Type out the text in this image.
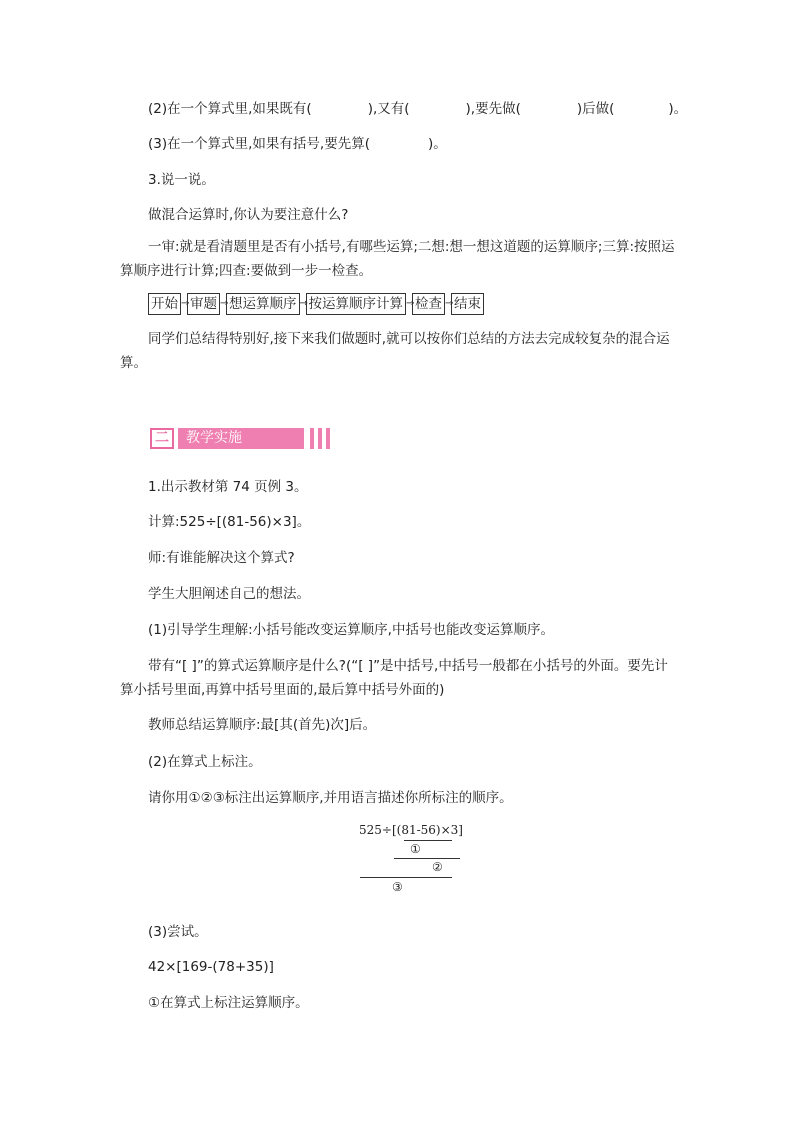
(2)在一个算式里,如果既有(	),又有(	),要先做(	)后做(	)。
(3)在一个算式里,如果有括号,要先算(	)。
3.说一说。
做混合运算时,你认为要注意什么?
一审:就是看清题里是否有小括号,有哪些运算;二想:想一想这道题的运算顺序;三算:按照运算顺序进行计算;四查:要做到一步一检查。
开始 → 审题 → 想运算顺序 → 按运算顺序计算 → 检查 → 结束
同学们总结得特别好,接下来我们做题时,就可以按你们总结的方法去完成较复杂的混合运算。
二	教学实施
1.出示教材第 74 页例 3。
计算:525÷[(81-56)×3]。
师:有谁能解决这个算式?
学生大胆阐述自己的想法。
(1)引导学生理解:小括号能改变运算顺序,中括号也能改变运算顺序。
带有“[ ]”的算式运算顺序是什么?(“[ ]”是中括号,中括号一般都在小括号的外面。要先计算小括号里面,再算中括号里面的,最后算中括号外面的)
教师总结运算顺序:最[其(首先)次]后。
(2)在算式上标注。
请你用①②③标注出运算顺序,并用语言描述你所标注的顺序。
525÷[(81-56)×3]
①
②
③
(3)尝试。
42×[169-(78+35)]
①在算式上标注运算顺序。
